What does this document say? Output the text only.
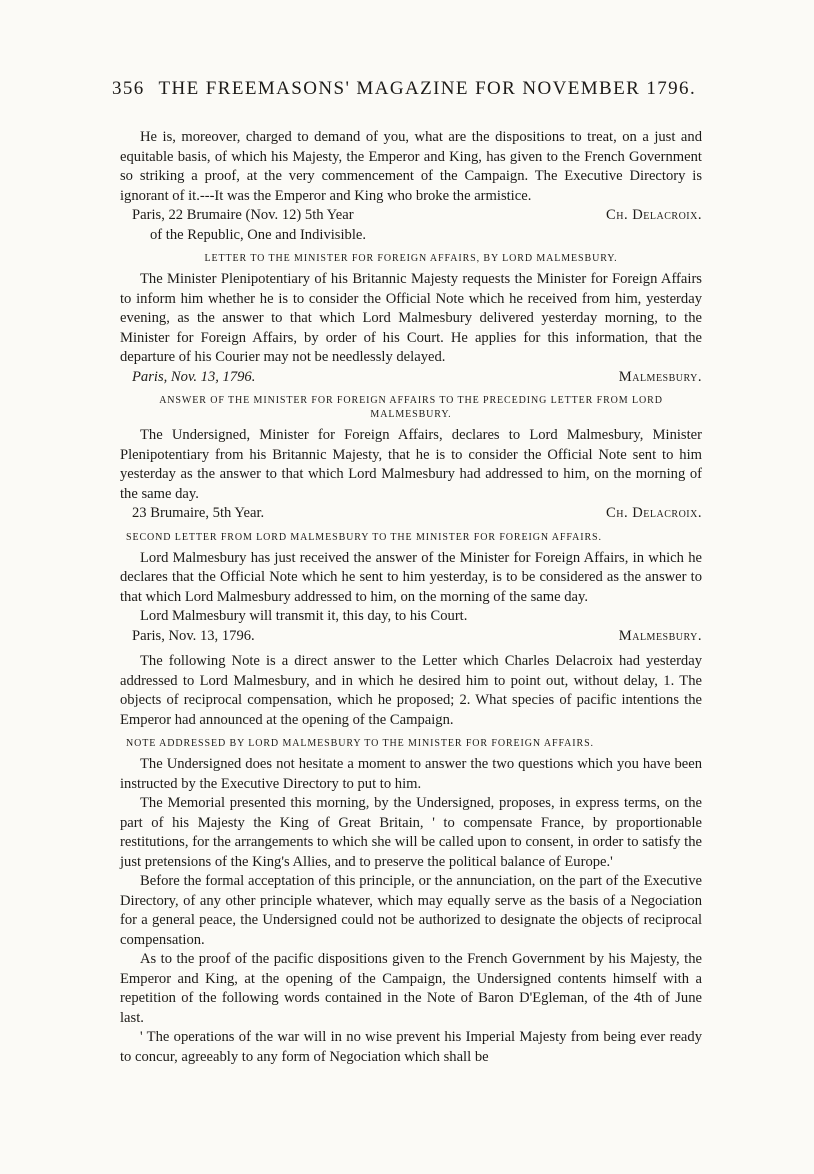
356 THE FREEMASONS' MAGAZINE FOR NOVEMBER 1796.

He is, moreover, charged to demand of you, what are the dispositions to treat, on a just and equitable basis, of which his Majesty, the Emperor and King, has given to the French Government so striking a proof, at the very commencement of the Campaign. The Executive Directory is ignorant of it.---It was the Emperor and King who broke the armistice.

Paris, 22 Brumaire (Nov. 12) 5th Year	Ch. Delacroix.
of the Republic, One and Indivisible.
LETTER TO THE MINISTER FOR FOREIGN AFFAIRS, BY LORD MALMESBURY.

The Minister Plenipotentiary of his Britannic Majesty requests the Minister for Foreign Affairs to inform him whether he is to consider the Official Note which he received from him, yesterday evening, as the answer to that which Lord Malmesbury delivered yesterday morning, to the Minister for Foreign Affairs, by order of his Court. He applies for this information, that the departure of his Courier may not be needlessly delayed.

Paris, Nov. 13, 1796.	Malmesbury.
ANSWER OF THE MINISTER FOR FOREIGN AFFAIRS TO THE PRECEDING LETTER FROM LORD MALMESBURY.

The Undersigned, Minister for Foreign Affairs, declares to Lord Malmesbury, Minister Plenipotentiary from his Britannic Majesty, that he is to consider the Official Note sent to him yesterday as the answer to that which Lord Malmesbury had addressed to him, on the morning of the same day.

23 Brumaire, 5th Year.	Ch. Delacroix.
SECOND LETTER FROM LORD MALMESBURY TO THE MINISTER FOR FOREIGN AFFAIRS.

Lord Malmesbury has just received the answer of the Minister for Foreign Affairs, in which he declares that the Official Note which he sent to him yesterday, is to be considered as the answer to that which Lord Malmesbury addressed to him, on the morning of the same day.

Lord Malmesbury will transmit it, this day, to his Court.

Paris, Nov. 13, 1796.	Malmesbury.

The following Note is a direct answer to the Letter which Charles Delacroix had yesterday addressed to Lord Malmesbury, and in which he desired him to point out, without delay, 1. The objects of reciprocal compensation, which he proposed; 2. What species of pacific intentions the Emperor had announced at the opening of the Campaign.

NOTE ADDRESSED BY LORD MALMESBURY TO THE MINISTER FOR FOREIGN AFFAIRS.

The Undersigned does not hesitate a moment to answer the two questions which you have been instructed by the Executive Directory to put to him.

The Memorial presented this morning, by the Undersigned, proposes, in express terms, on the part of his Majesty the King of Great Britain, ' to compensate France, by proportionable restitutions, for the arrangements to which she will be called upon to consent, in order to satisfy the just pretensions of the King's Allies, and to preserve the political balance of Europe.'

Before the formal acceptation of this principle, or the annunciation, on the part of the Executive Directory, of any other principle whatever, which may equally serve as the basis of a Negociation for a general peace, the Undersigned could not be authorized to designate the objects of reciprocal compensation.

As to the proof of the pacific dispositions given to the French Government by his Majesty, the Emperor and King, at the opening of the Campaign, the Undersigned contents himself with a repetition of the following words contained in the Note of Baron D'Egleman, of the 4th of June last.

' The operations of the war will in no wise prevent his Imperial Majesty from being ever ready to concur, agreeably to any form of Negociation which shall be
